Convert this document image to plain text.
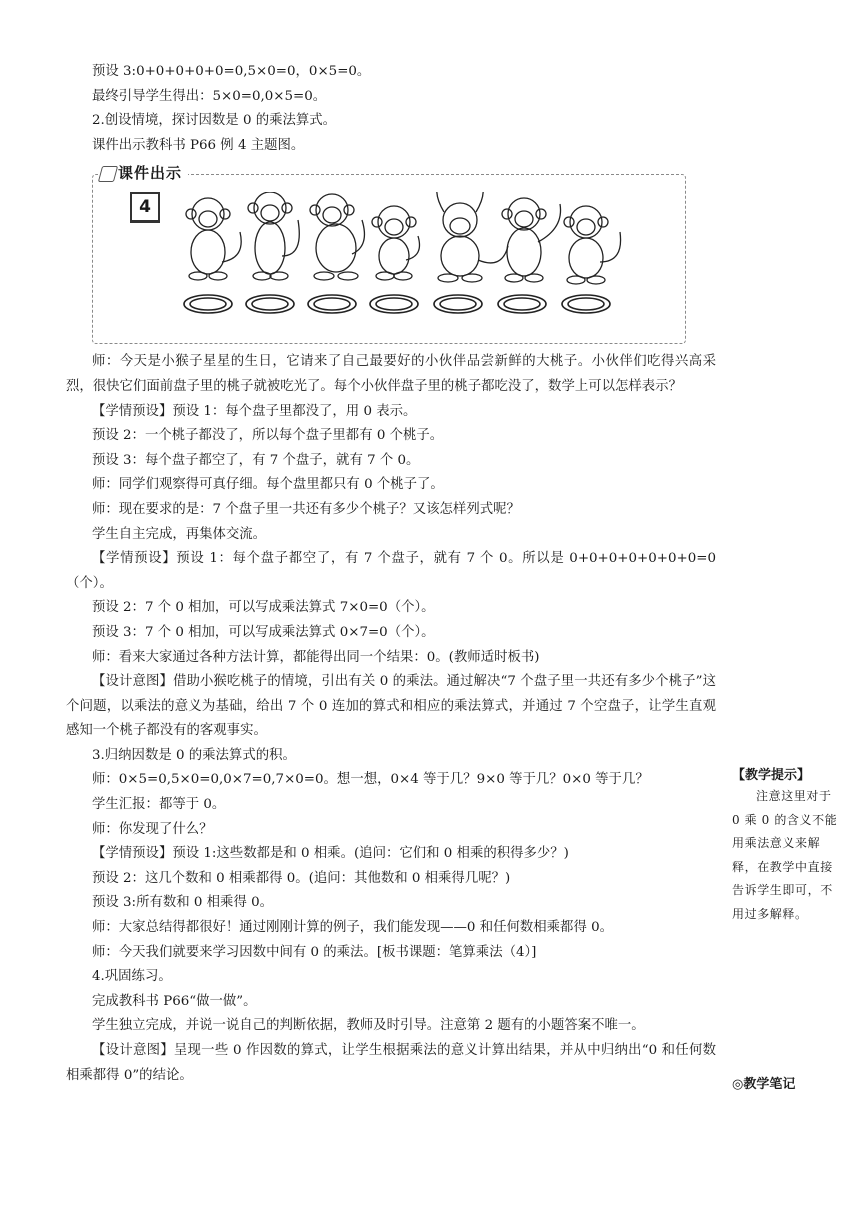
预设 3:0+0+0+0+0=0,5×0=0，0×5=0。

最终引导学生得出：5×0=0,0×5=0。

2.创设情境，探讨因数是 0 的乘法算式。

课件出示教科书 P66 例 4 主题图。

课件出示
4

师：今天是小猴子星星的生日，它请来了自己最要好的小伙伴品尝新鲜的大桃子。小伙伴们吃得兴高采烈，很快它们面前盘子里的桃子就被吃光了。每个小伙伴盘子里的桃子都吃没了，数学上可以怎样表示？

【学情预设】预设 1：每个盘子里都没了，用 0 表示。

预设 2：一个桃子都没了，所以每个盘子里都有 0 个桃子。

预设 3：每个盘子都空了，有 7 个盘子，就有 7 个 0。

师：同学们观察得可真仔细。每个盘里都只有 0 个桃子了。

师：现在要求的是：7 个盘子里一共还有多少个桃子？又该怎样列式呢？

学生自主完成，再集体交流。

【学情预设】预设 1：每个盘子都空了，有 7 个盘子，就有 7 个 0。所以是 0+0+0+0+0+0+0=0（个）。

预设 2：7 个 0 相加，可以写成乘法算式 7×0=0（个）。

预设 3：7 个 0 相加，可以写成乘法算式 0×7=0（个）。

师：看来大家通过各种方法计算，都能得出同一个结果：0。(教师适时板书)

【设计意图】借助小猴吃桃子的情境，引出有关 0 的乘法。通过解决“7 个盘子里一共还有多少个桃子”这个问题，以乘法的意义为基础，给出 7 个 0 连加的算式和相应的乘法算式，并通过 7 个空盘子，让学生直观感知一个桃子都没有的客观事实。

3.归纳因数是 0 的乘法算式的积。

师：0×5=0,5×0=0,0×7=0,7×0=0。想一想，0×4 等于几？9×0 等于几？0×0 等于几？

学生汇报：都等于 0。

师：你发现了什么？

【学情预设】预设 1:这些数都是和 0 相乘。(追问：它们和 0 相乘的积得多少？)

预设 2：这几个数和 0 相乘都得 0。(追问：其他数和 0 相乘得几呢？)

预设 3:所有数和 0 相乘得 0。

师：大家总结得都很好！通过刚刚计算的例子，我们能发现——0 和任何数相乘都得 0。

师：今天我们就要来学习因数中间有 0 的乘法。[板书课题：笔算乘法（4）]

4.巩固练习。

完成教科书 P66“做一做”。

学生独立完成，并说一说自己的判断依据，教师及时引导。注意第 2 题有的小题答案不唯一。

【设计意图】呈现一些 0 作因数的算式，让学生根据乘法的意义计算出结果，并从中归纳出“0 和任何数相乘都得 0”的结论。

【教学提示】
注意这里对于 0 乘 0 的含义不能用乘法意义来解释，在教学中直接告诉学生即可，不用过多解释。
◎教学笔记
